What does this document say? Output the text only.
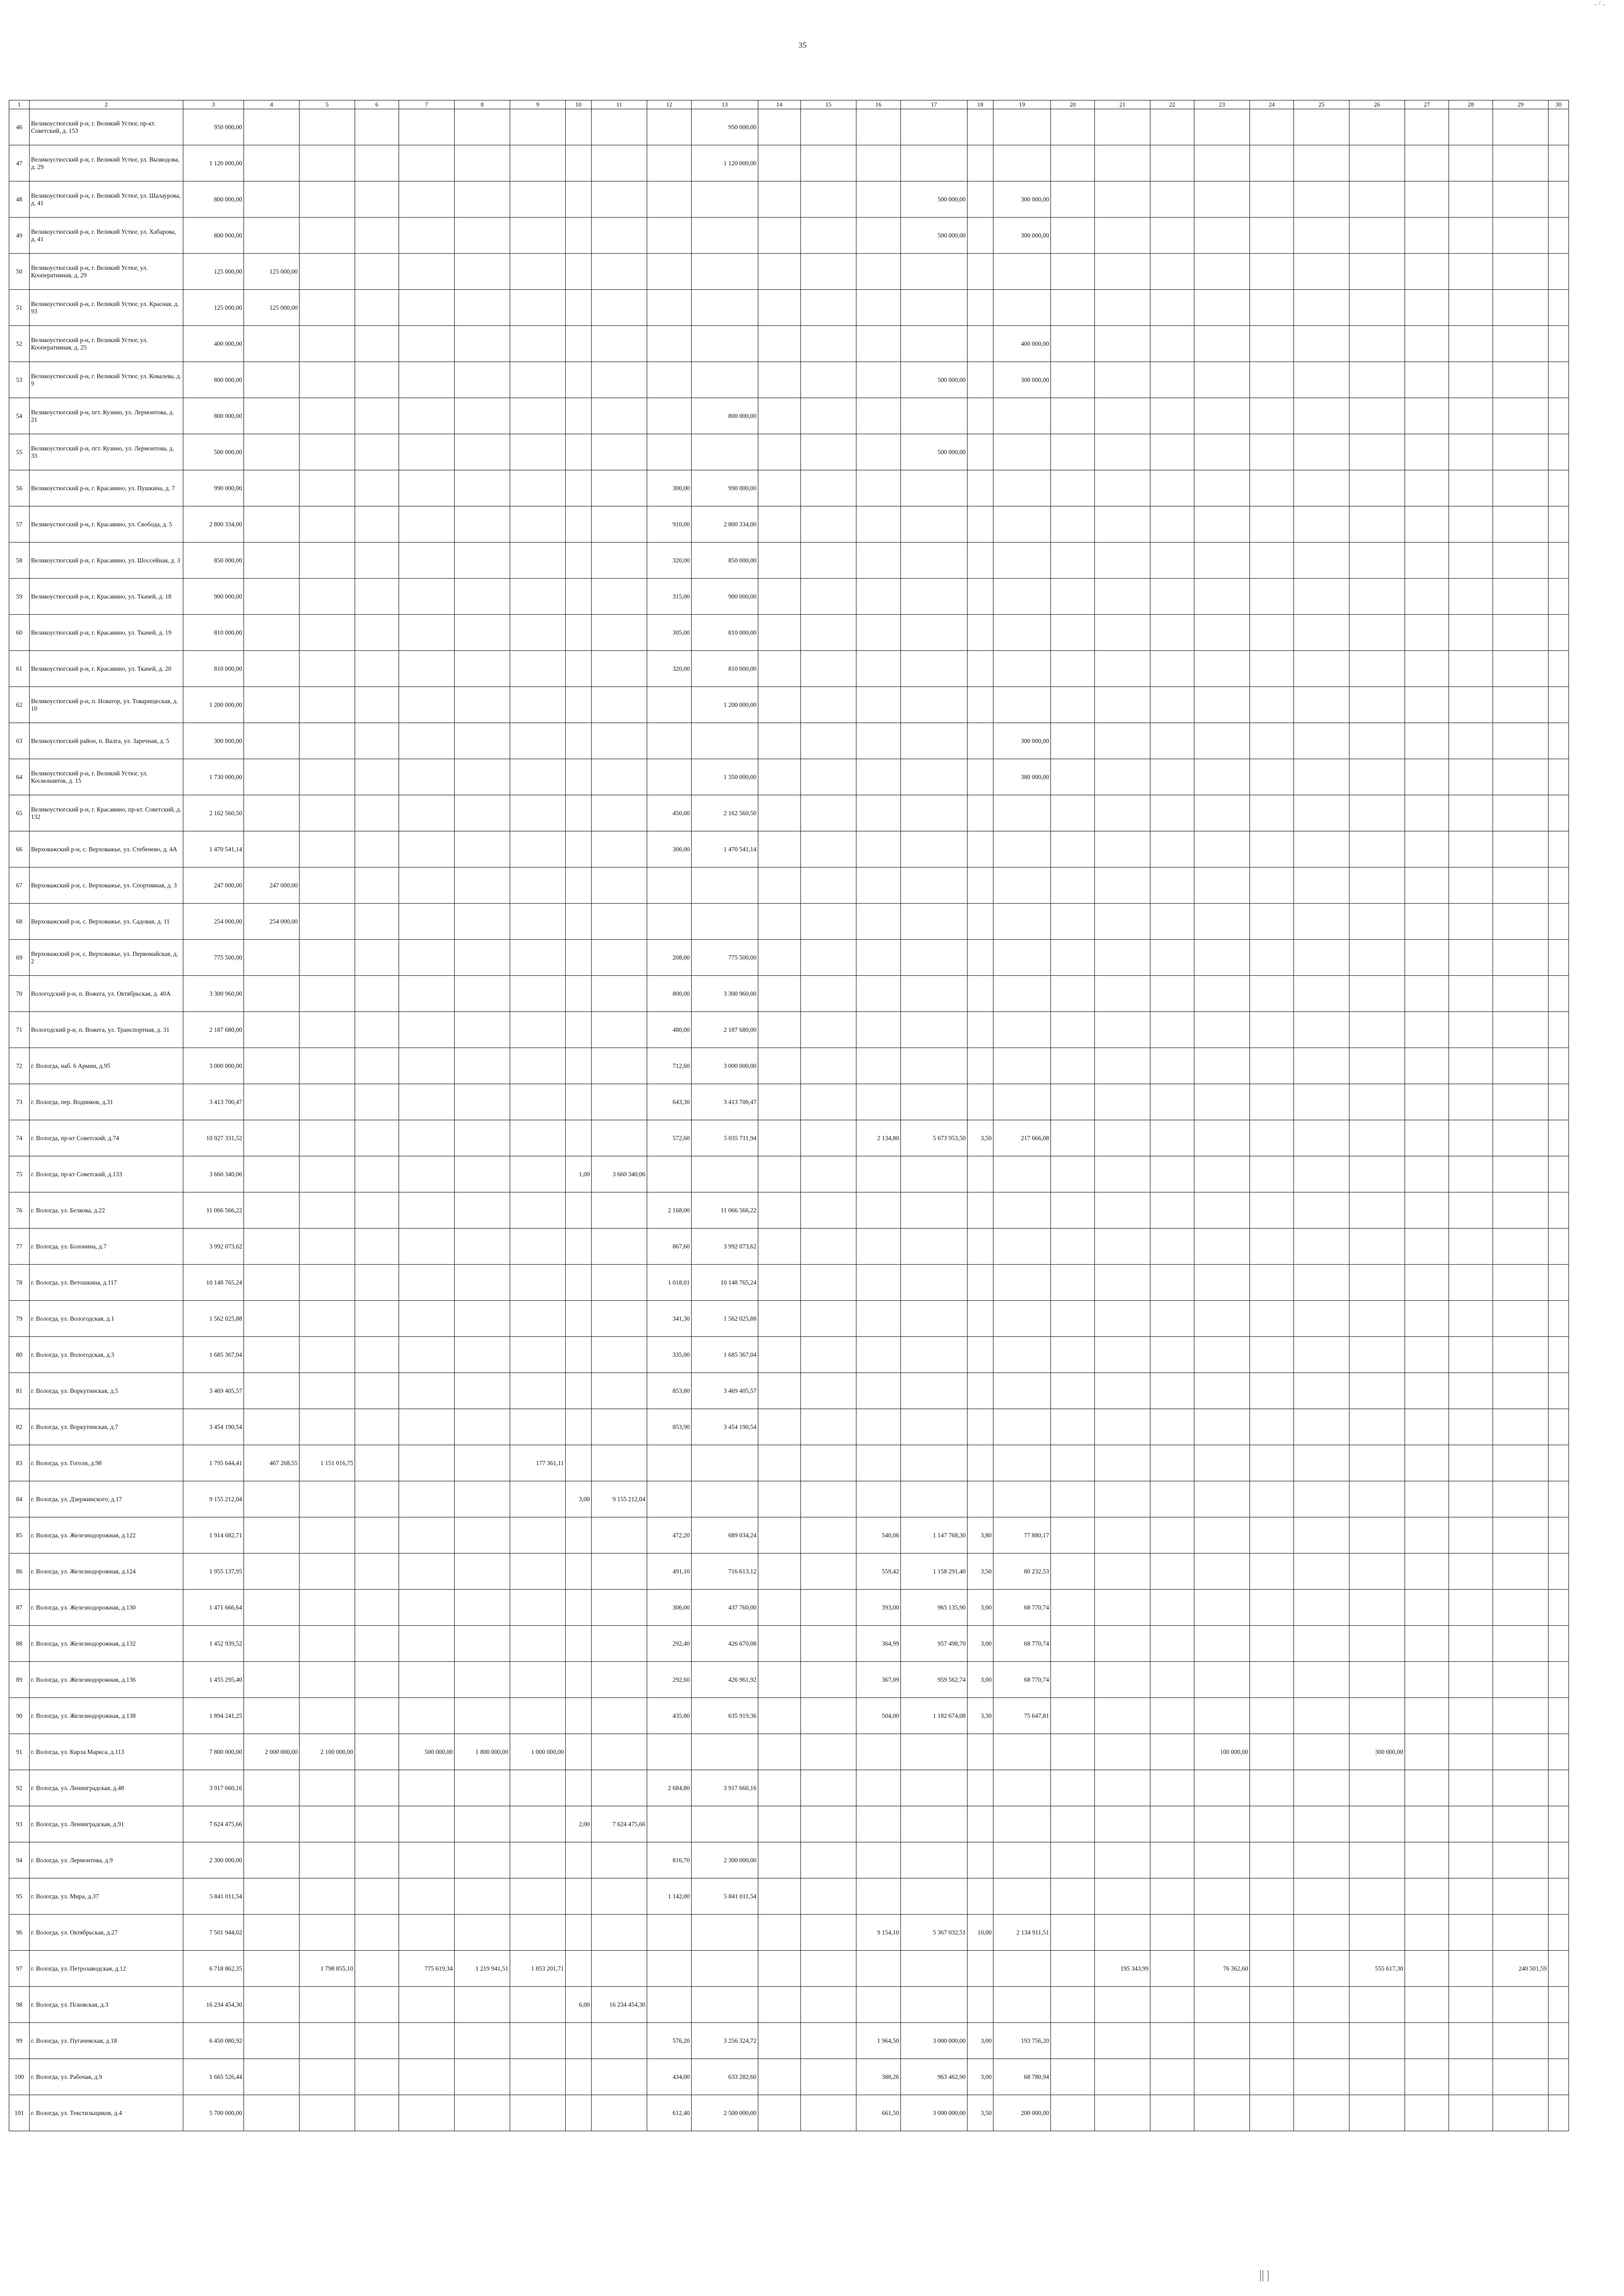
35
.. / ..
1	2	3	4	5	6	7	8	9	10	11	12	13	14	15	16	17	18	19	20	21	22	23	24	25	26	27	28	29	30
46	Великоустюгский р-н, г. Великий Устюг, пр-кт. Советский, д. 153	950 000,00										950 000,00																	
47	Великоустюгский р-н, г. Великий Устюг, ул. Вызводова, д. 29	1 120 000,00										1 120 000,00																	
48	Великоустюгский р-н, г. Великий Устюг, ул. Шалаурова, д. 41	800 000,00														500 000,00		300 000,00											
49	Великоустюгский р-н, г. Великий Устюг, ул. Хабарова, д. 41	800 000,00														500 000,00		300 000,00											
50	Великоустюгский р-н, г. Великий Устюг, ул. Кооперативная, д. 29	125 000,00	125 000,00																										
51	Великоустюгский р-н, г. Великий Устюг, ул. Красная, д. 93	125 000,00	125 000,00																										
52	Великоустюгский р-н, г. Великий Устюг, ул. Кооперативная, д. 25	400 000,00																400 000,00											
53	Великоустюгский р-н, г. Великий Устюг, ул. Ковалева, д. 9	800 000,00														500 000,00		300 000,00											
54	Великоустюгский р-н, пгт. Кузино, ул. Лермонтова, д. 21	800 000,00										800 000,00																	
55	Великоустюгский р-н, пгт. Кузино, ул. Лермонтова, д. 33	500 000,00														500 000,00													
56	Великоустюгский р-н, г. Красавино, ул. Пушкина, д. 7	990 000,00									300,00	990 000,00																	
57	Великоустюгский р-н, г. Красавино, ул. Свобода, д. 5	2 800 334,00									910,00	2 800 334,00																	
58	Великоустюгский р-н, г. Красавино, ул. Шоссейная, д. 3	850 000,00									320,00	850 000,00																	
59	Великоустюгский р-н, г. Красавино, ул. Ткачей, д. 18	900 000,00									315,00	900 000,00																	
60	Великоустюгский р-н, г. Красавино, ул. Ткачей, д. 19	810 000,00									305,00	810 000,00																	
61	Великоустюгский р-н, г. Красавино, ул. Ткачей, д. 20	810 000,00									320,00	810 000,00																	
62	Великоустюгский р-н, п. Новатор, ул. Товарищеская, д. 10	1 200 000,00										1 200 000,00																	
63	Великоустюгский район, п. Валга, ул. Заречная, д. 5	300 000,00																300 000,00											
64	Великоустюгский р-н, г. Великий Устюг, ул. Космонавтов, д. 15	1 730 000,00										1 350 000,00						380 000,00											
65	Великоустюгский р-н, г. Красавино, пр-кт. Советский, д. 132	2 162 560,50									450,00	2 162 560,50																	
66	Верховажский р-н, с. Верховажье, ул. Стебенево, д. 4А	1 470 541,14									306,00	1 470 541,14																	
67	Верховажский р-н, с. Верховажье, ул. Спортивная, д. 3	247 000,00	247 000,00																										
68	Верховажский р-н, с. Верховажье, ул. Садовая, д. 11	254 000,00	254 000,00																										
69	Верховажский р-н, с. Верховажье, ул. Первомайская, д. 2	775 500,00									208,00	775 500,00																	
70	Вологодский р-н, п. Вожега, ул. Октябрьская, д. 40А	3 300 960,00									800,00	3 300 960,00																	
71	Вологодский р-н, п. Вожега, ул. Транспортная, д. 31	2 187 680,00									480,00	2 187 680,00																	
72	г. Вологда, наб. 6 Армии, д.95	3 000 000,00									712,60	3 000 000,00																	
73	г. Вологда, пер. Водников, д.31	3 413 700,47									643,30	3 413 700,47																	
74	г. Вологда, пр-кт Советский, д.74	10 927 331,52									572,60	5 035 711,94			2 134,80	5 673 953,50	3,50	217 666,08											
75	г. Вологда, пр-кт Советский, д.133	3 660 340,06							1,00	3 660 340,06																			
76	г. Вологда, ул. Белкова, д.22	11 066 566,22									2 168,00	11 066 566,22																	
77	г. Вологда, ул. Болонина, д.7	3 992 073,62									867,60	3 992 073,62																	
78	г. Вологда, ул. Ветошкина, д.117	10 148 765,24									1 018,01	10 148 765,24																	
79	г. Вологда, ул. Вологодская, д.1	1 562 025,88									341,30	1 562 025,88																	
80	г. Вологда, ул. Вологодская, д.3	1 685 367,04									335,00	1 685 367,04																	
81	г. Вологда, ул. Воркутинская, д.5	3 469 405,57									853,80	3 469 405,57																	
82	г. Вологда, ул. Воркутинская, д.7	3 454 190,54									853,90	3 454 190,54																	
83	г. Вологда, ул. Гоголя, д.98	1 795 644,41	467 268,55	1 151 016,75				177 361,11																					
84	г. Вологда, ул. Дзержинского, д.17	9 155 212,04							3,00	9 155 212,04																			
85	г. Вологда, ул. Железнодорожная, д.122	1 914 682,71									472,20	689 034,24			540,06	1 147 768,30	3,80	77 880,17											
86	г. Вологда, ул. Железнодорожная, д.124	1 955 137,95									491,10	716 613,12			559,42	1 158 291,40	3,50	80 232,53											
87	г. Вологда, ул. Железнодорожная, д.130	1 471 666,64									306,00	437 760,00			393,00	965 135,90	3,00	68 770,74											
88	г. Вологда, ул. Железнодорожная, д.132	1 452 939,52									292,40	426 670,08			364,99	957 498,70	3,00	68 770,74											
89	г. Вологда, ул. Железнодорожная, д.136	1 455 295,40									292,60	426 961,92			367,09	959 562,74	3,00	68 770,74											
90	г. Вологда, ул. Железнодорожная, д.138	1 894 241,25									435,80	635 919,36			504,00	1 182 674,08	3,30	75 647,81											
91	г. Вологда, ул. Карла Маркса, д.113	7 800 000,00	2 000 000,00	2 100 000,00		500 000,00	1 800 000,00	1 000 000,00														100 000,00			300 000,00				
92	г. Вологда, ул. Ленинградская, д.48	3 917 660,16									2 684,80	3 917 660,16																	
93	г. Вологда, ул. Ленинградская, д.91	7 624 475,66							2,00	7 624 475,66																			
94	г. Вологда, ул. Лермонтова, д.9	2 300 000,00									816,70	2 300 000,00																	
95	г. Вологда, ул. Мира, д.37	5 841 011,54									1 142,00	5 841 011,54																	
96	г. Вологда, ул. Октябрьская, д.27	7 501 944,02													9 154,10	5 367 032,51	10,00	2 134 911,51											
97	г. Вологда, ул. Петрозаводская, д.12	6 718 862,35		1 798 855,10		775 619,34	1 219 941,51	1 853 201,71												195 343,99		76 362,60			555 617,30			240 501,59	
98	г. Вологда, ул. Псковская, д.3	16 234 454,30							6,00	16 234 454,30																			
99	г. Вологда, ул. Пугачевская, д.18	6 450 080,92									576,20	3 256 324,72			1 964,50	3 000 000,00	3,00	193 756,20											
100	г. Вологда, ул. Рабочая, д.9	1 665 526,44									434,00	633 282,60			388,26	963 462,90	3,00	68 780,94											
101	г. Вологда, ул. Текстильщиков, д.4	5 700 000,00									612,40	2 500 000,00			661,50	3 000 000,00	3,50	200 000,00											
|| |
